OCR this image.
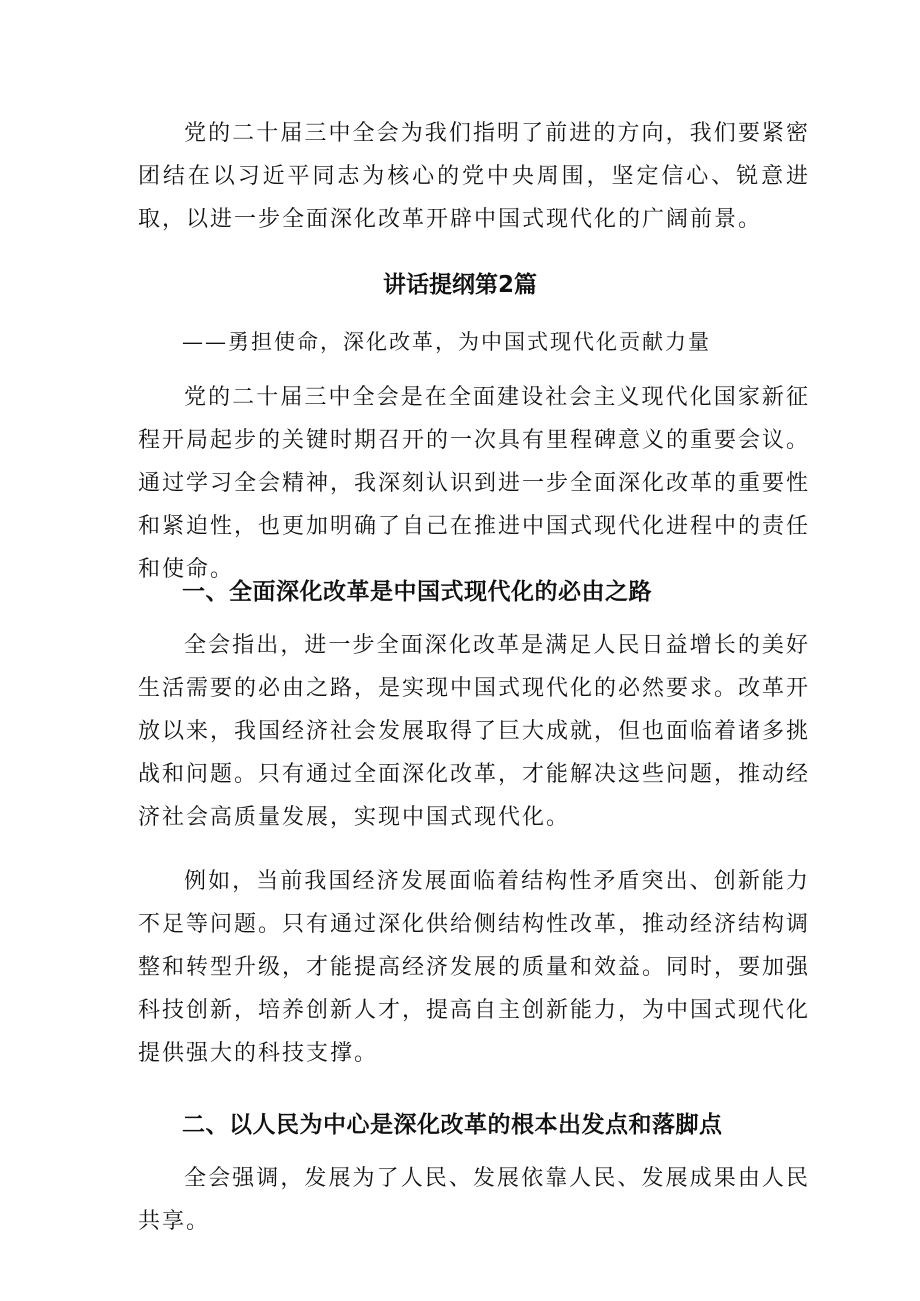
党的二十届三中全会为我们指明了前进的方向，我们要紧密团结在以习近平同志为核心的党中央周围，坚定信心、锐意进取，以进一步全面深化改革开辟中国式现代化的广阔前景。

讲话提纲第2篇

——勇担使命，深化改革，为中国式现代化贡献力量

党的二十届三中全会是在全面建设社会主义现代化国家新征程开局起步的关键时期召开的一次具有里程碑意义的重要会议。通过学习全会精神，我深刻认识到进一步全面深化改革的重要性和紧迫性，也更加明确了自己在推进中国式现代化进程中的责任和使命。

一、全面深化改革是中国式现代化的必由之路

全会指出，进一步全面深化改革是满足人民日益增长的美好生活需要的必由之路，是实现中国式现代化的必然要求。改革开放以来，我国经济社会发展取得了巨大成就，但也面临着诸多挑战和问题。只有通过全面深化改革，才能解决这些问题，推动经济社会高质量发展，实现中国式现代化。

例如，当前我国经济发展面临着结构性矛盾突出、创新能力不足等问题。只有通过深化供给侧结构性改革，推动经济结构调整和转型升级，才能提高经济发展的质量和效益。同时，要加强科技创新，培养创新人才，提高自主创新能力，为中国式现代化提供强大的科技支撑。

二、以人民为中心是深化改革的根本出发点和落脚点

全会强调，发展为了人民、发展依靠人民、发展成果由人民共享。
